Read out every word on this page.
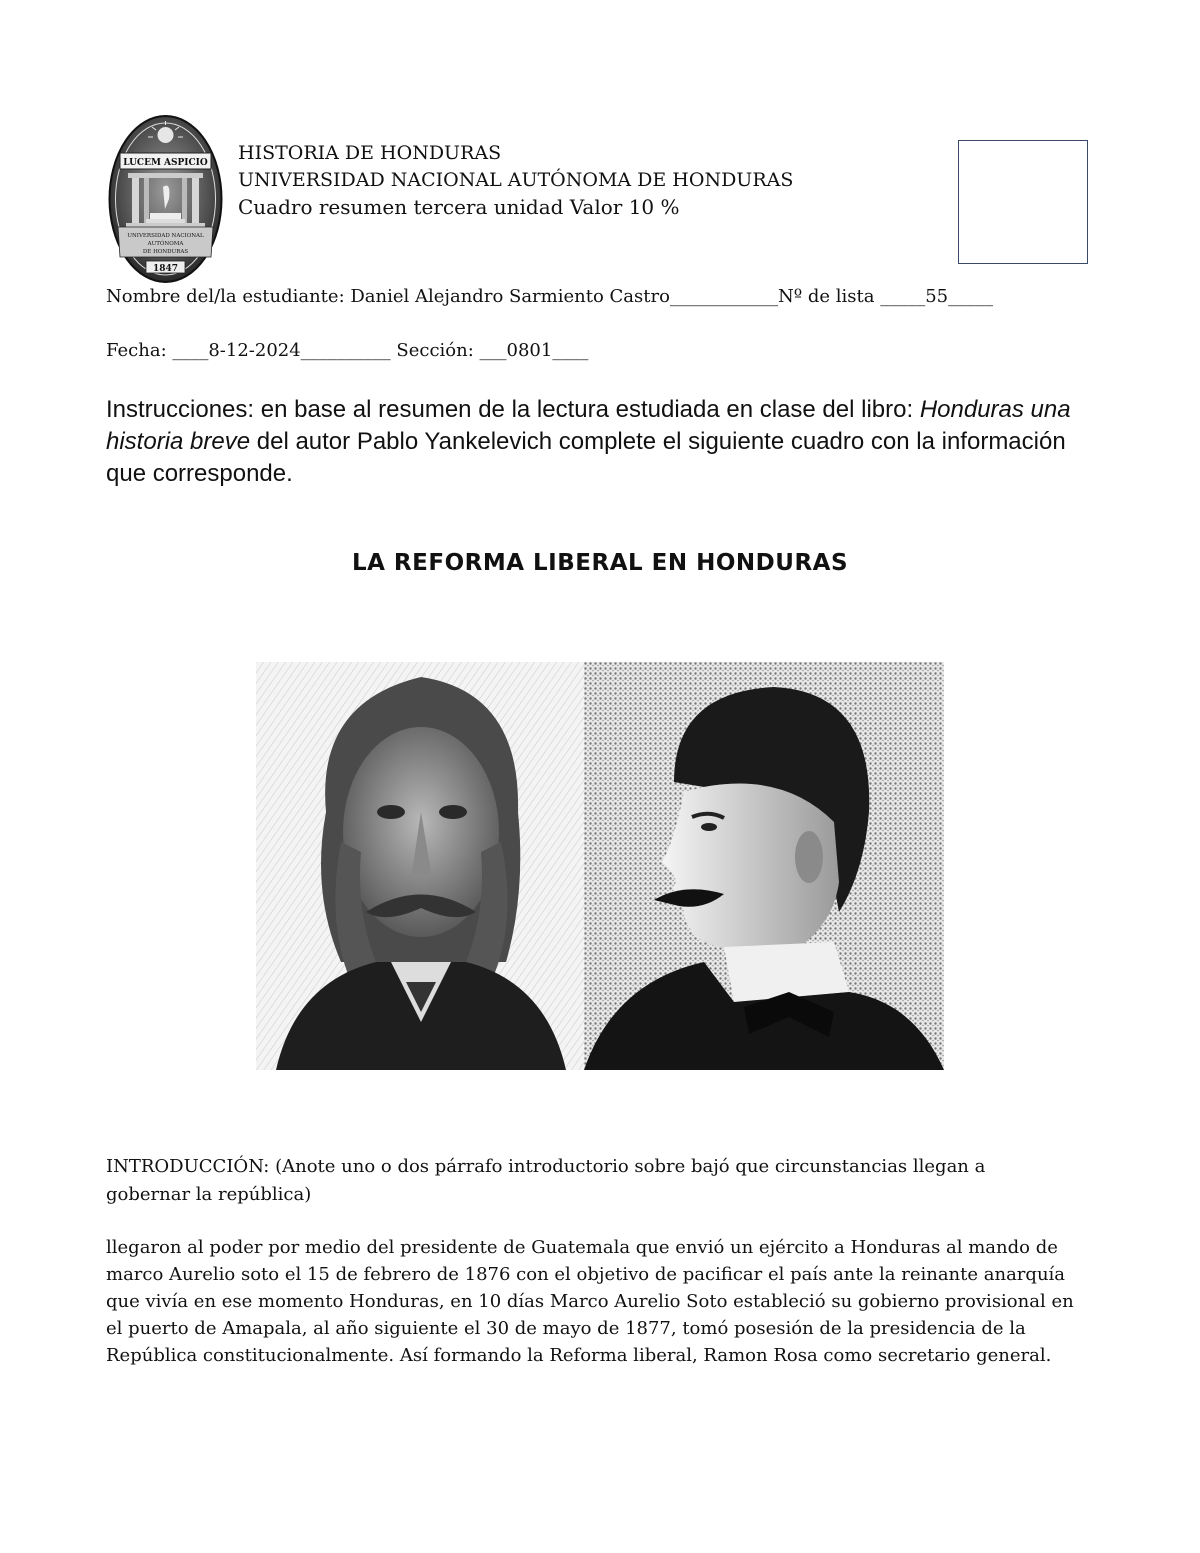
LUCEM ASPICIO
UNIVERSIDAD NACIONAL
AUTÓNOMA
DE HONDURAS
1847
HISTORIA DE HONDURAS
UNIVERSIDAD NACIONAL AUTÓNOMA DE HONDURAS
Cuadro resumen tercera unidad Valor 10 %
Nombre del/la estudiante: Daniel Alejandro Sarmiento Castro____________Nº de lista _____55_____
Fecha: ____8-12-2024__________ Sección: ___0801____
Instrucciones: en base al resumen de la lectura estudiada en clase del libro: Honduras una historia breve del autor Pablo Yankelevich complete el siguiente cuadro con la información que corresponde.
LA REFORMA LIBERAL EN HONDURAS
INTRODUCCIÓN: (Anote uno o dos párrafo introductorio sobre bajó que circunstancias llegan a gobernar la república)
llegaron al poder por medio del presidente de Guatemala que envió un ejército a Honduras al mando de marco Aurelio soto el 15 de febrero de 1876 con el objetivo de pacificar el país ante la reinante anarquía que vivía en ese momento Honduras, en 10 días Marco Aurelio Soto estableció su gobierno provisional en el puerto de Amapala, al año siguiente el 30 de mayo de 1877, tomó posesión de la presidencia de la República constitucionalmente. Así formando la Reforma liberal, Ramon Rosa como secretario general.
